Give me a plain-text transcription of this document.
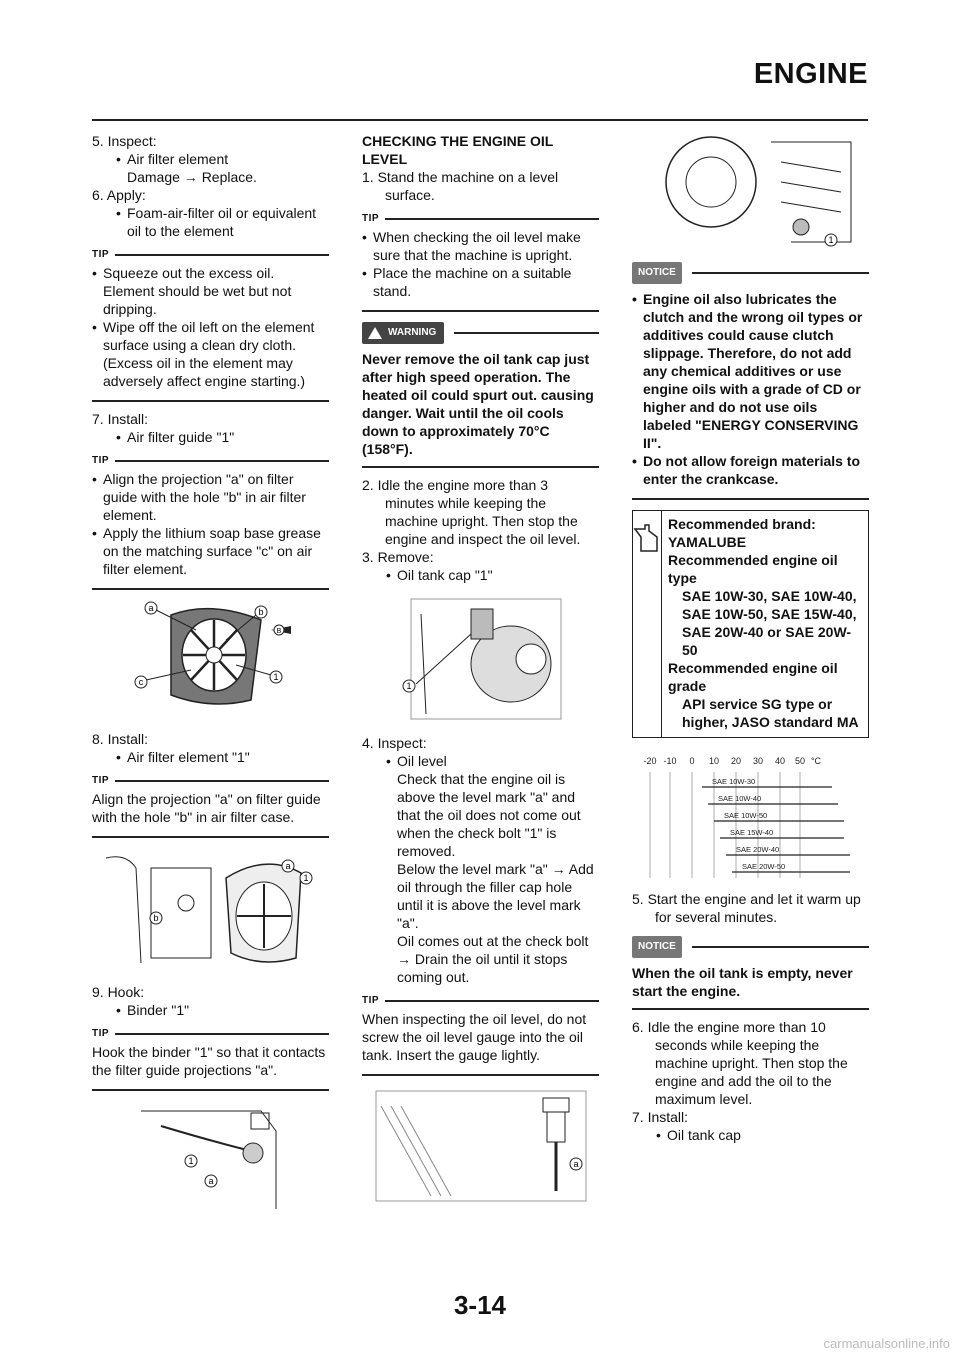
ENGINE
5. Inspect:
• Air filter element
Damage → Replace.
6. Apply:
• Foam-air-filter oil or equivalent oil to the element
TIP
• Squeeze out the excess oil. Element should be wet but not dripping.
• Wipe off the oil left on the element surface using a clean dry cloth. (Excess oil in the element may adversely affect engine starting.)
7. Install:
• Air filter guide "1"
TIP
• Align the projection "a" on filter guide with the hole "b" in air filter element.
• Apply the lithium soap base grease on the matching surface "c" on air filter element.
a	b
c	1
B
8. Install:
• Air filter element "1"
TIP
Align the projection "a" on filter guide with the hole "b" in air filter case.
b
a
1
9. Hook:
• Binder "1"
TIP
Hook the binder "1" so that it contacts the filter guide projections "a".
1
a
CHECKING THE ENGINE OIL LEVEL
1. Stand the machine on a level surface.
TIP
• When checking the oil level make sure that the machine is upright.
• Place the machine on a suitable stand.
WARNING
Never remove the oil tank cap just after high speed operation. The heated oil could spurt out. causing danger. Wait until the oil cools down to approximately 70°C (158°F).
2. Idle the engine more than 3 minutes while keeping the machine upright. Then stop the engine and inspect the oil level.
3. Remove:
• Oil tank cap "1"
1
4. Inspect:
• Oil level
Check that the engine oil is above the level mark "a" and that the oil does not come out when the check bolt "1" is removed.
Below the level mark "a" → Add oil through the filler cap hole until it is above the level mark "a".
Oil comes out at the check bolt → Drain the oil until it stops coming out.
TIP
When inspecting the oil level, do not screw the oil level gauge into the oil tank. Insert the gauge lightly.
a
1
NOTICE
• Engine oil also lubricates the clutch and the wrong oil types or additives could cause clutch slippage. Therefore, do not add any chemical additives or use engine oils with a grade of CD or higher and do not use oils labeled "ENERGY CONSERVING II".
• Do not allow foreign materials to enter the crankcase.
Recommended brand:
YAMALUBE
Recommended engine oil type
SAE 10W-30, SAE 10W-40, SAE 10W-50, SAE 15W-40, SAE 20W-40 or SAE 20W-50
Recommended engine oil grade
API service SG type or higher, JASO standard MA
-20 -10 0 10 20 30 40 50 °C
SAE 10W-30
SAE 10W-40
SAE 10W-50
SAE 15W-40
SAE 20W-40
SAE 20W-50
5. Start the engine and let it warm up for several minutes.
NOTICE
When the oil tank is empty, never start the engine.
6. Idle the engine more than 10 seconds while keeping the machine upright. Then stop the engine and add the oil to the maximum level.
7. Install:
• Oil tank cap
3-14
carmanualsonline.info
